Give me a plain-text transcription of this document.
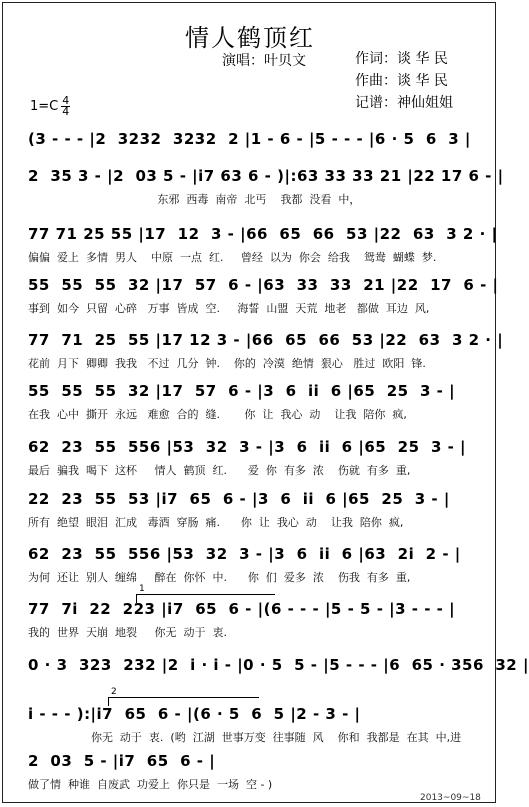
情人鹤顶红
演唱：叶贝文	作词：谈 华 民
作曲：谈 华 民
记谱：神仙姐姐
$1=C \frac{4}{4}$
(3 - - - |2  3232  3232  2 |1 - 6 - |5 - - - |6 · 5  6  3 |
2  35 3 - |2  03 5 - |i7 63 6 - )|:63 33 33 21 |22 17 6 - |
东邪  西毒  南帝  北丐    我都  没看  中，
77 71 25 55 |17  12  3 - |66  65  66  53 |22  63  3 2 · |
偏偏  爱上  多情  男人    中原  一点  红.     曾经  以为  你会  给我    鸳鸯  蝴蝶  梦.
55  55  55  32 |17  57  6 - |63  33  33  21 |22  17  6 - |
事到  如今  只留  心碎   万事  皆成  空.     海誓  山盟  天荒  地老   都做  耳边  风,
77  71  25  55 |17 12 3 - |66  65  66  53 |22  63  3 2 · |
花前  月下  卿卿  我我   不过  几分  钟.    你的  冷漠  绝情  狠心   胜过  欧阳  锋.
55  55  55  32 |17  57  6 - |3  6  ii  6 |65  25  3 - |
在我  心中  撕开  永远   难愈  合的  缝.       你  让  我心  动    让我  陪你  疯,
62  23  55  556 |53  32  3 - |3  6  ii  6 |65  25  3 - |
最后  骗我  喝下  这杯     情人  鹤顶  红.      爱  你  有多  浓    伤就  有多  重,
22  23  55  53 |i7  65  6 - |3  6  ii  6 |65  25  3 - |
所有  绝望  眼泪  汇成   毒酒  穿肠  痛.      你  让  我心  动    让我  陪你  疯,
62  23  55  556 |53  32  3 - |3  6  ii  6 |63  2i  2 - |
为何  还让  别人  缠绵     醉在  你怀  中.      你  们  爱多  浓    伤我  有多  重,
1
77  7i  22  223 |i7  65  6 - |(6 - - - |5 - 5 - |3 - - - |
我的  世界  天崩  地裂     你无  动于  衷.
0 · 3  323  232 |2  i · i - |0 · 5  5 - |5 - - - |6  65 · 356  32 |
2
i - - - ):|i7  65  6 - |(6 · 5  6  5 |2 - 3 - |
你无  动于  衷.  (哟  江湖  世事万变  往事随  风    你和  我都是  在其  中,进
2  03  5 - |i7  65  6 - |
做了情  种谁  自废武  功爱上  你只是  一场  空 - )
2013~09~18
